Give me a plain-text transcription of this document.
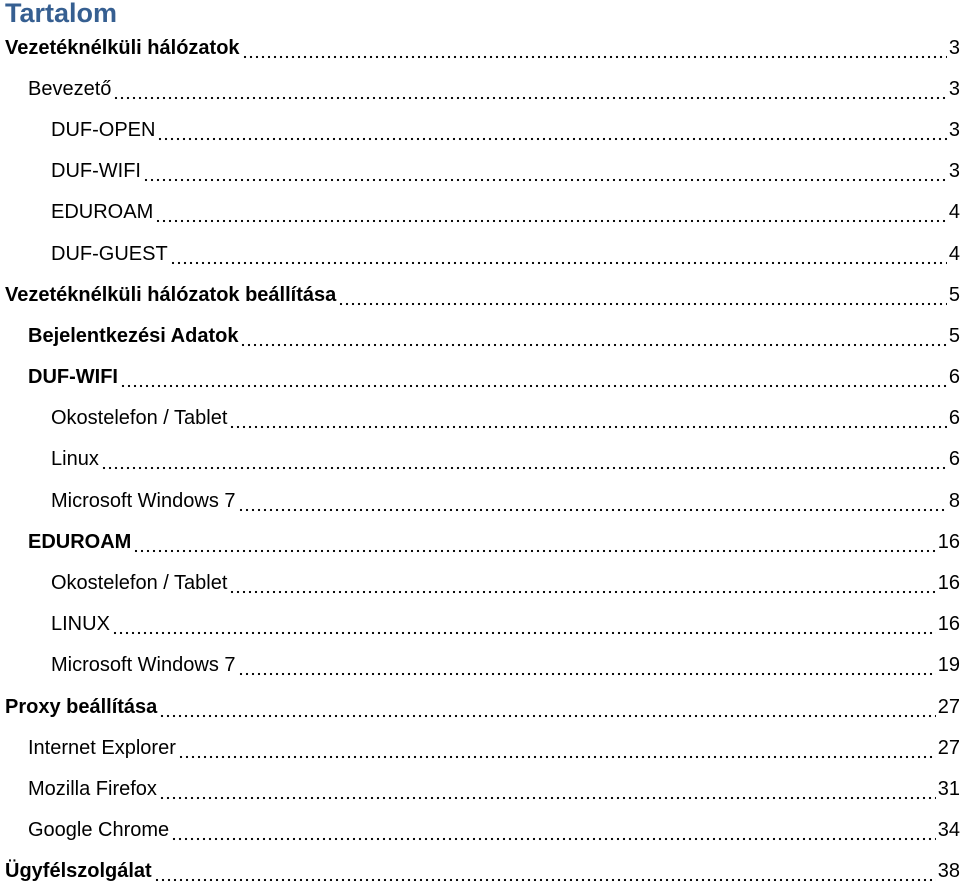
Tartalom
Vezetéknélküli hálózatok	3
Bevezető	3
DUF-OPEN	3
DUF-WIFI	3
EDUROAM	4
DUF-GUEST	4
Vezetéknélküli hálózatok beállítása	5
Bejelentkezési Adatok	5
DUF-WIFI	6
Okostelefon / Tablet	6
Linux	6
Microsoft Windows 7	8
EDUROAM	16
Okostelefon / Tablet	16
LINUX	16
Microsoft Windows 7	19
Proxy beállítása	27
Internet Explorer	27
Mozilla Firefox	31
Google Chrome	34
Ügyfélszolgálat	38
